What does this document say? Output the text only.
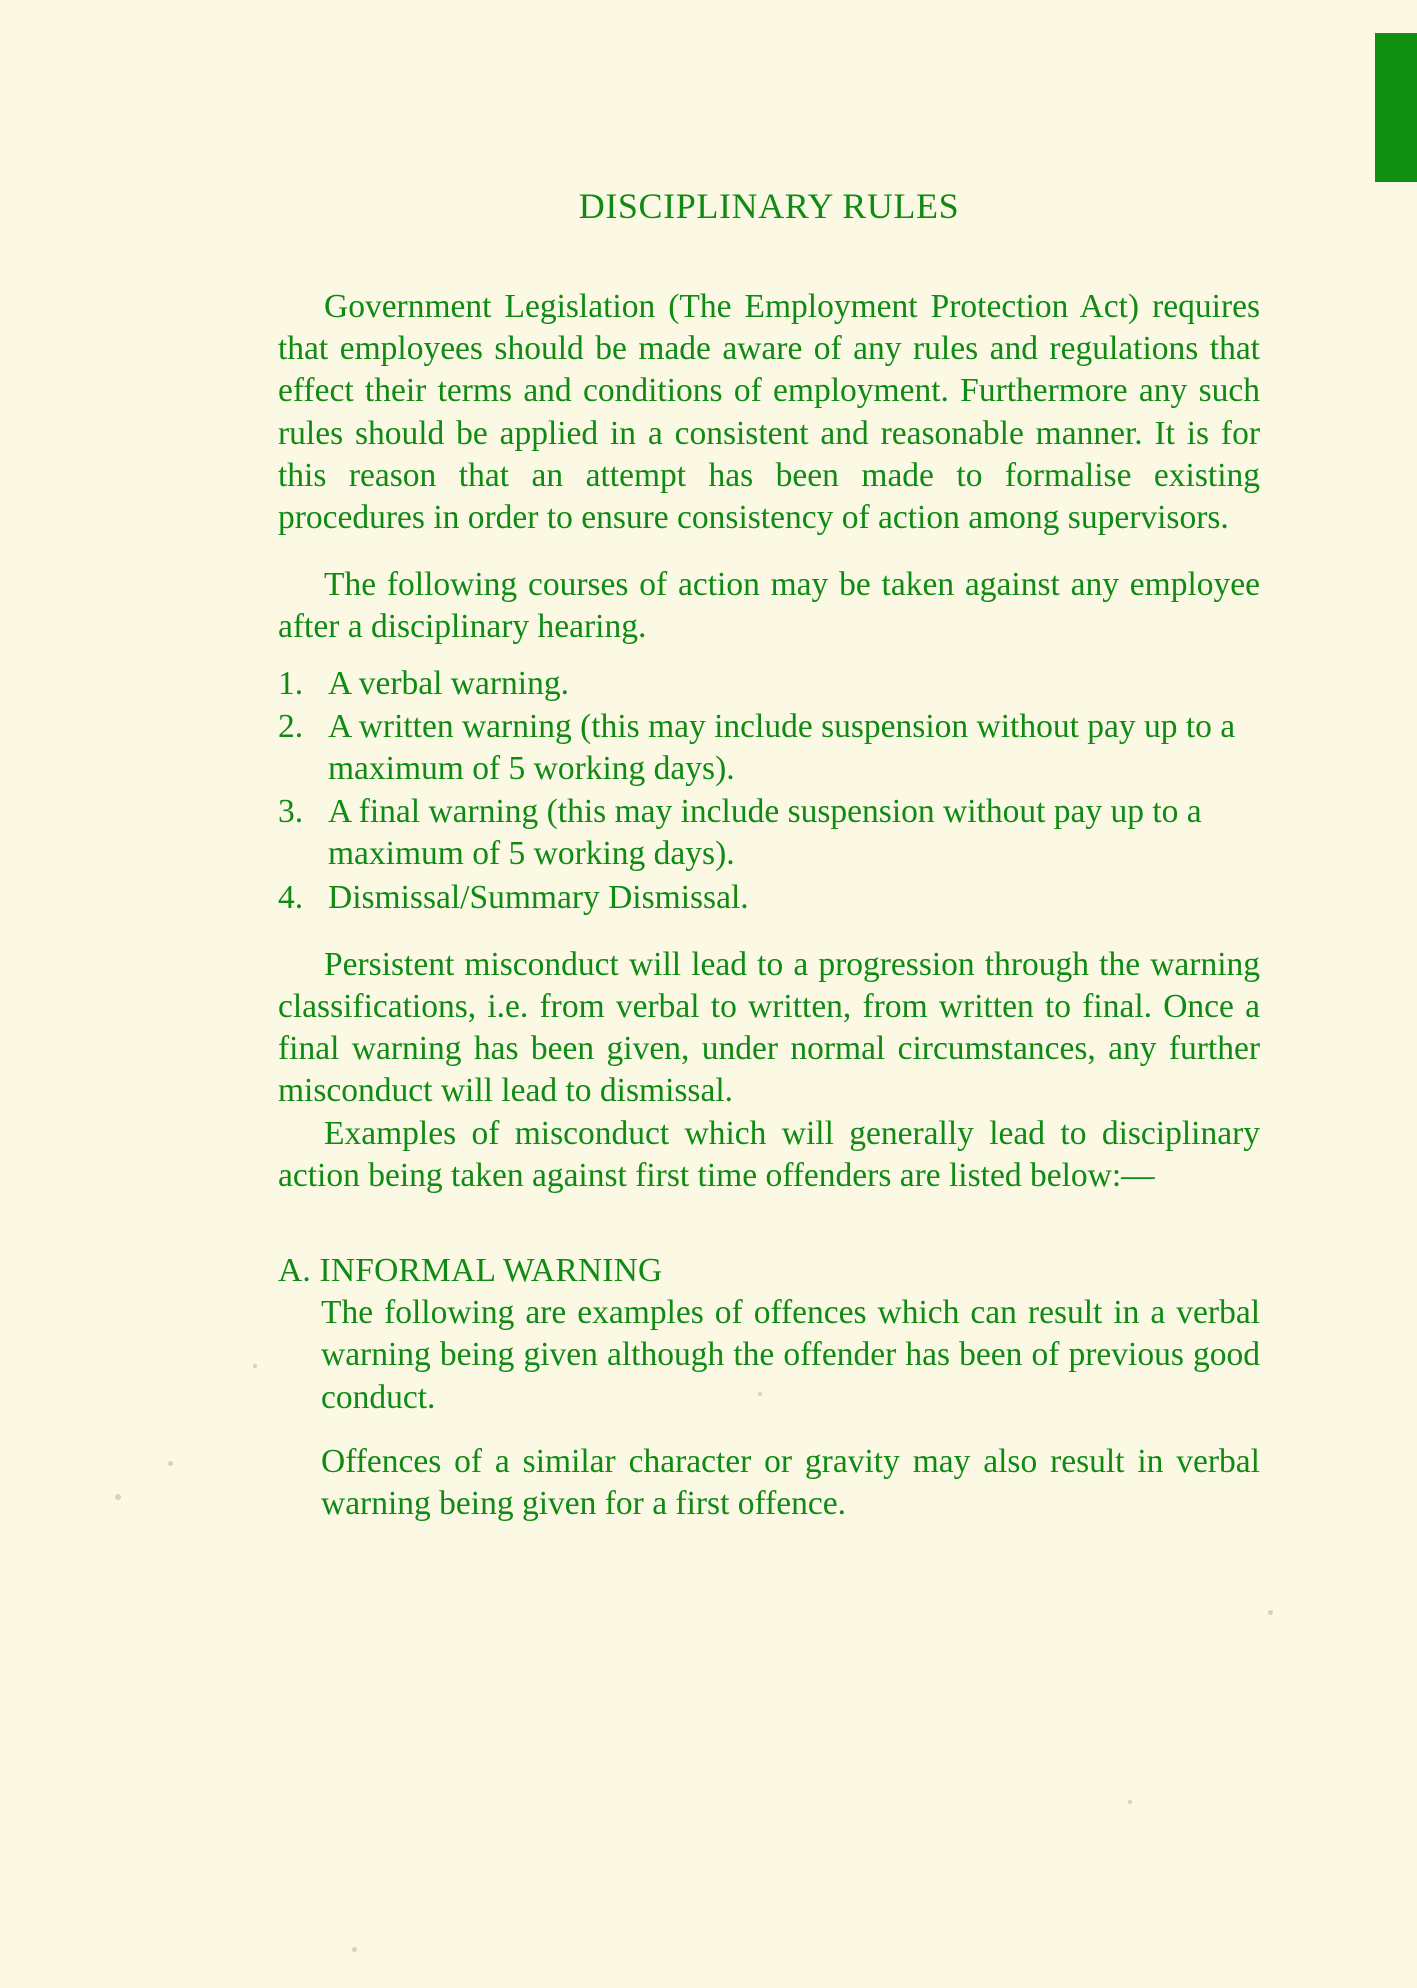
DISCIPLINARY RULES

Government Legislation (The Employment Protection Act) requires that employees should be made aware of any rules and regulations that effect their terms and conditions of employment. Furthermore any such rules should be applied in a consistent and reasonable manner. It is for this reason that an attempt has been made to formalise existing procedures in order to ensure consistency of action among supervisors.

The following courses of action may be taken against any employee after a disciplinary hearing.

1. A verbal warning.
2. A written warning (this may include suspension without pay up to a maximum of 5 working days).
3. A final warning (this may include suspension without pay up to a maximum of 5 working days).
4. Dismissal/Summary Dismissal.

Persistent misconduct will lead to a progression through the warning classifications, i.e. from verbal to written, from written to final. Once a final warning has been given, under normal circumstances, any further misconduct will lead to dismissal.

Examples of misconduct which will generally lead to disciplinary action being taken against first time offenders are listed below:—

A. INFORMAL WARNING

The following are examples of offences which can result in a verbal warning being given although the offender has been of previous good conduct.

Offences of a similar character or gravity may also result in verbal warning being given for a first offence.
